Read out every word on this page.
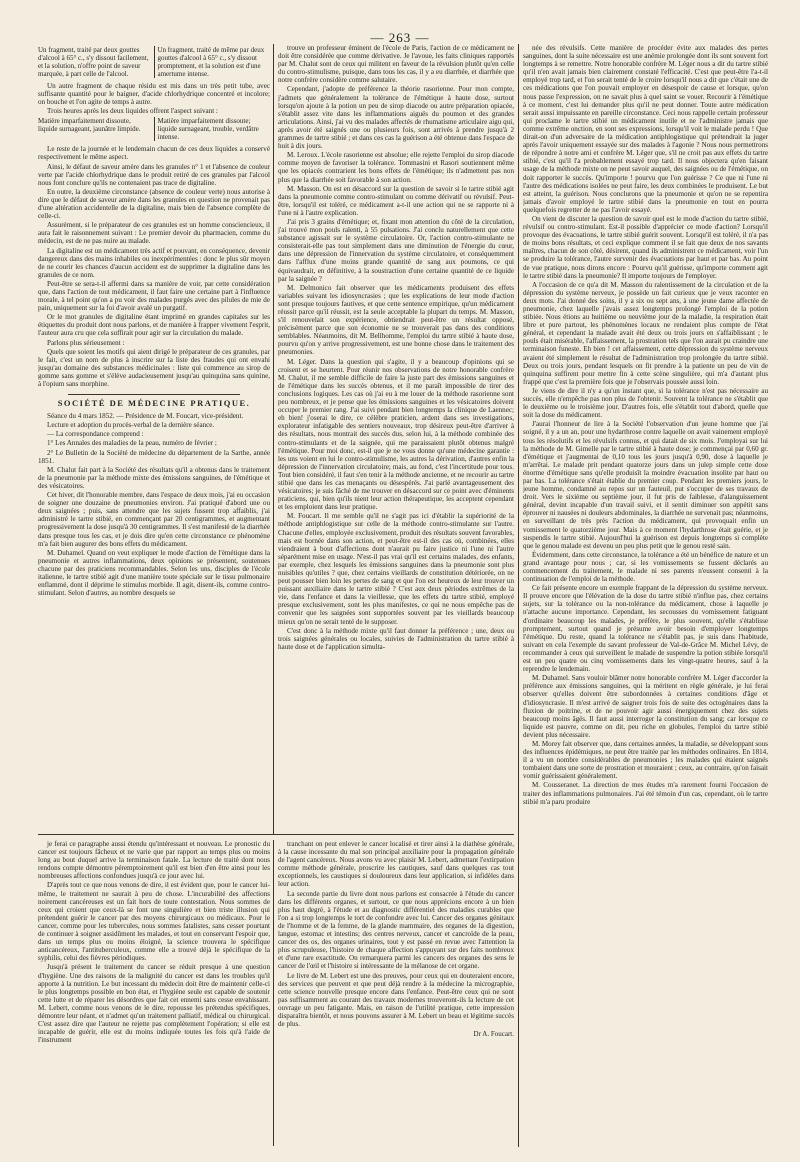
— 263 —
Un fragment, traité par deux gouttes d'alcool à 65° c., s'y dissout facilement, et la solution, n'offre point de saveur marquée, à part celle de l'alcool.
Un fragment, traité de même par deux gouttes d'alcool à 65° c., s'y dissout promptement, et la solution est d'une amertume intense.

Un autre fragment de chaque résidu est mis dans un très petit tube, avec suffisante quantité pour le baigner, d'acide chlorhydrique concentré et incolore; on bouche et l'on agite de temps à autre.

Trois heures après les deux liquides offrent l'aspect suivant :

Matière imparfaitement dissoute, liquide surnageant, jaunâtre limpide.
Matière imparfaitement dissoute; liquide surnageant, trouble, verdâtre intense.

Le reste de la journée et le lendemain chacun de ces deux liquides a conservé respectivement le même aspect.

Ainsi, le défaut de saveur amère dans les granules n° 1 et l'absence de couleur verte par l'acide chlorhydrique dans le produit retiré de ces granules par l'alcool nous font conclure qu'ils ne contenaient pas trace de digitaline.

En outre, la deuxième circonstance (absence de couleur verte) nous autorise à dire que le défaut de saveur amère dans les granules en question ne provenait pas d'une altération accidentelle de la digitaline, mais bien de l'absence complète de celle-ci.

Assurément, si le préparateur de ces granules est un homme consciencieux, il aura fait le raisonnement suivant : Le premier devoir du pharmacien, comme du médecin, est de ne pas nuire au malade.

La digitaline est un médicament très actif et pouvant, en conséquence, devenir dangereux dans des mains inhabiles ou inexpérimentées : donc le plus sûr moyen de ne courir les chances d'aucun accident est de supprimer la digitaline dans les granules de ce nom.

Peut-être se sera-t-il affermi dans sa manière de voir, par cette considération que, dans l'action de tout médicament, il faut faire une certaine part à l'influence morale, à tel point qu'on a pu voir des malades purgés avec des pilules de mie de pain, uniquement sur la foi d'avoir avalé un purgatif.

Or le mot granules de digitaline étant imprimé en grandes capitales sur les étiquettes du produit dont nous parlons, et de manière à frapper vivement l'esprit, l'auteur aura cru que cela suffirait pour agir sur la circulation du malade.

Parlons plus sérieusement :

Quels que soient les motifs qui aient dirigé le préparateur de ces granules, par le fait, c'est un nom de plus à inscrire sur la liste des fraudes qui ont envahi jusqu'au domaine des substances médicinales : liste qui commence au sirop de gomme sans gomme et s'élève audacieusement jusqu'au quinquina sans quinine, à l'opium sans morphine.

SOCIÉTÉ DE MÉDECINE PRATIQUE.

Séance du 4 mars 1852. — Présidence de M. Foucart, vice-président.

Lecture et adoption du procès-verbal de la dernière séance.

— La correspondance comprend :

1° Les Annales des maladies de la peau, numéro de février ;

2° Le Bulletin de la Société de médecine du département de la Sarthe, année 1851.

M. Chalut fait part à la Société des résultats qu'il a obtenus dans le traitement de la pneumonie par la méthode mixte des émissions sanguines, de l'émétique et des vésicatoires.

Cet hiver, dit l'honorable membre, dans l'espace de deux mois, j'ai eu occasion de soigner une douzaine de pneumonies environ. J'ai pratiqué d'abord une ou deux saignées ; puis, sans attendre que les sujets fussent trop affaiblis, j'ai administré le tartre stibié, en commençant par 20 centigrammes, et augmentant progressivement la dose jusqu'à 30 centigrammes. Il s'est manifesté de la diarrhée dans presque tous les cas, et je dois dire qu'en cette circonstance ce phénomène m'a fait bien augurer des bons effets du médicament.

M. Duhamel. Quand on veut expliquer le mode d'action de l'émétique dans la pneumonie et autres inflammations, deux opinions se présentent, soutenues chacune par des praticiens recommandables. Selon les uns, disciples de l'école italienne, le tartre stibié agit d'une manière toute spéciale sur le tissu pulmonaire enflammé, dont il déprime le stimulus morbide. Il agit, disent-ils, comme contro-stimulant. Selon d'autres, au nombre desquels se

trouve un professeur éminent de l'école de Paris, l'action de ce médicament ne doit être considérée que comme dérivative. Je l'avoue, les faits cliniques rapportés par M. Chalut sont de ceux qui militent en faveur de la révulsion plutôt qu'en celle du contro-stimulisme, puisque, dans tous les cas, il y a eu diarrhée, et diarrhée que notre confrère considère comme salutaire.

Cependant, j'adopte de préférence la théorie rasorienne. Pour mon compte, j'admets que généralement la tolérance de l'émétique à haute dose, surtout lorsqu'on ajoute à la potion un peu de sirop diacode ou autre préparation opiacée, s'établit assez vite dans les inflammations aiguës du poumon et des grandes articulations. Ainsi, j'ai vu des malades affectés de rhumatisme articulaire aigu qui, après avoir été saignés une ou plusieurs fois, sont arrivés à prendre jusqu'à 2 grammes de tartre stibié ; et dans ces cas la guérison a été obtenue dans l'espace de huit à dix jours.

M. Leroux. L'école rasorienne est absolue; elle rejette l'emploi du sirop diacode comme moyen de favoriser la tolérance. Tommasini et Rasori soutiennent même que les opiacés contrarient les bons effets de l'émétique; ils n'admettent pas non plus que la diarrhée soit favorable à son action.

M. Masson. On est en désaccord sur la question de savoir si le tartre stibié agit dans la pneumonie comme contro-stimulant ou comme dérivatif ou révulsif. Peut-être, lorsqu'il est toléré, ce médicament a-t-il une action qui ne se rapporte ni à l'une ni à l'autre explication.

J'ai pris 3 grains d'émétique; et, fixant mon attention du côté de la circulation, j'ai trouvé mon pouls ralenti, à 55 pulsations. J'ai conclu naturellement que cette substance agissait sur le système circulatoire. Or, l'action contro-stimulante ne consisterait-elle pas tout simplement dans une diminution de l'énergie du cœur, dans une dépression de l'innervation du système circulatoire, et conséquemment dans l'afflux d'une moins grande quantité de sang aux poumons, ce qui équivaudrait, en définitive, à la soustraction d'une certaine quantité de ce liquide par la saignée ?

M. Delmonico fait observer que les médicaments produisent des effets variables suivant les idiosyncrasies ; que les explications de leur mode d'action sont presque toujours fautives, et que cette sentence empirique, qu'un médicament réussit parce qu'il réussit, est la seule acceptable la plupart du temps. M. Masson, s'il renouvelait son expérience, obtiendrait peut-être un résultat opposé, précisément parce que son économie ne se trouverait pas dans des conditions semblables. Néanmoins, dit M. Bellhomme, l'emploi du tartre stibié à haute dose, pourvu qu'on y arrive progressivement, est une bonne chose dans le traitement des pneumonies.

M. Léger. Dans la question qui s'agite, il y a beaucoup d'opinions qui se croisent et se heurtent. Pour réunir nos observations de notre honorable confrère M. Chalut, il me semble difficile de faire la juste part des émissions sanguines et de l'émétique dans les succès obtenus, et il me paraît impossible de tirer des conclusions logiques. Les cas où j'ai eu à me louer de la méthode rasorienne sont peu nombreux, et je pense que les émissions sanguines et les vésicatoires doivent occuper le premier rang. J'ai suivi pendant bien longtemps la clinique de Laennec; eh bien! j'oserai le dire, ce célèbre praticien, ardent dans ses investigations, explorateur infatigable des sentiers nouveaux, trop désireux peut-être d'arriver à des résultats, nous montrait des succès dus, selon lui, à la méthode combinée des contro-stimulants et de la saignée, qui me paraissaient plutôt obtenus malgré l'émétique. Pour moi donc, est-il que je ne vous donne qu'une médecine garantie : les uns voient en lui le contro-stimulisme, les autres la dérivation, d'autres enfin la dépression de l'innervation circulatoire; mais, au fond, c'est l'incertitude pour tous. Tout bien considéré, il faut s'en tenir à la méthode ancienne, et ne recourir au tartre stibié que dans les cas menaçants ou désespérés. J'ai parlé avantageusement des vésicatoires; je suis fâché de me trouver en désaccord sur ce point avec d'éminents praticiens, qui, bien qu'ils nient leur action thérapeutique, les acceptent cependant et les emploient dans leur pratique.

M. Foucart. Il me semble qu'il ne s'agit pas ici d'établir la supériorité de la méthode antiphlogistique sur celle de la méthode contro-stimulante sur l'autre. Chacune d'elles, employée exclusivement, produit des résultats souvent favorables, mais est bornée dans son action, et peut-être est-il des cas où, combinées, elles viendraient à bout d'affections dont n'aurait pu faire justice ni l'une ni l'autre séparément mise en usage. N'est-il pas vrai qu'il est certains malades, des enfants, par exemple, chez lesquels les émissions sanguines dans la pneumonie sont plus nuisibles qu'utiles ? que, chez certains vieillards de constitution détériorée, on ne peut pousser bien loin les pertes de sang et que l'on est heureux de leur trouver un puissant auxiliaire dans le tartre stibié ? C'est aux deux périodes extrêmes de la vie, dans l'enfance et dans la vieillesse, que les effets du tartre stibié, employé presque exclusivement, sont les plus manifestes, ce qui ne nous empêche pas de convenir que les saignées sont supportées souvent par les vieillards beaucoup mieux qu'on ne serait tenté de le supposer.

C'est donc à la méthode mixte qu'il faut donner la préférence ; une, deux ou trois saignées générales ou locales, suivies de l'administration du tartre stibié à haute dose et de l'application simulta-

née des révulsifs. Cette manière de procéder évite aux malades des pertes sanguines, dont la suite nécessaire est une anémie prolongée dont ils sont souvent fort longtemps à se remettre. Notre honorable confrère M. Léger nous a dit du tartre stibié qu'il n'en avait jamais bien clairement constaté l'efficacité. C'est que peut-être l'a-t-il employé trop tard, et l'on serait tenté de le croire lorsqu'il nous a dit que c'était une de ces médications que l'on pouvait employer en désespoir de cause et lorsque, qu'on nous passe l'expression, on ne savait plus à quel saint se vouer. Recourir à l'émétique à ce moment, c'est lui demander plus qu'il ne peut donner. Toute autre médication serait aussi impuissante en pareille circonstance. Ceci nous rappelle certain professeur qui proclame le tartre stibié un médicament inutile et ne l'administre jamais que comme extrême onction, en sont ses expressions, lorsqu'il voit le malade perdu ! Que dirait-on d'un adversaire de la médication antiphlogistique qui prétendrait la juger après l'avoir uniquement essayée sur des malades à l'agonie ? Nous nous permettrons de répondre à notre ami et confrère M. Léger que, s'il ne croit pas aux effets du tartre stibié, c'est qu'il l'a probablement essayé trop tard. Il nous objectera qu'en faisant usage de la méthode mixte on ne peut savoir auquel, des saignées ou de l'émétique, on doit rapporter le succès. Qu'importe ! pourvu que l'on guérisse ? Ce que ni l'une ni l'autre des médications isolées ne peut faire, les deux combinées le produisent. Le but est atteint, la guérison. Nous conclurons que la pneumonie et qu'on ne se repentira jamais d'avoir employé le tartre stibié dans la pneumonie en tout en pourra quelquefois regretter de ne pas l'avoir essayé.

On vient de discuter la question de savoir quel est le mode d'action du tartre stibié, révulsif ou contro-stimulant. Est-il possible d'apprécier ce mode d'action? Lorsqu'il provoque des évacuations, le tartre stibié guérit souvent. Lorsqu'il est toléré, il n'a pas de moins bons résultats, et ceci explique comment il se fait que deux de nos savants maîtres, chacun de son côté, désirent, quand ils administrent ce médicament, voir l'un se produire la tolérance, l'autre survenir des évacuations par haut et par bas. Au point de vue pratique, nous dirons encore : Pourvu qu'il guérisse, qu'importe comment agit le tartre stibié dans la pneumonie? Il importe toujours de l'employer.

A l'occasion de ce qu'a dit M. Masson du ralentissement de la circulation et de la dépression du système nerveux, je possède un fait curieux que je veux raconter en deux mots. J'ai donné des soins, il y a six ou sept ans, à une jeune dame affectée de pneumonie, chez laquelle j'avais assez longtemps prolongé l'emploi de la potion stibiée. Nous étions au huitième ou neuvième jour de la maladie, la respiration était libre et pure partout, les phénomènes locaux ne rendaient plus compte de l'état général, et cependant la malade avait été deux ou trois jours en s'affaiblissant ; le pouls était misérable, l'affaissement, la prostration tels que l'on aurait pu craindre une terminaison funeste. Eh bien ! cet affaissement, cette dépression du système nerveux avaient été simplement le résultat de l'administration trop prolongée du tartre stibié. Deux ou trois jours, pendant lesquels on fit prendre à la patiente un peu de vin de quinquina suffirent pour mettre fin à cette scène singulière, qui m'a d'autant plus frappé que c'est la première fois que je l'observais poussée aussi loin.

Je viens de dire il n'y a qu'un instant que, si la tolérance n'est pas nécessaire au succès, elle n'empêche pas non plus de l'obtenir. Souvent la tolérance ne s'établit que le deuxième ou le troisième jour. D'autres fois, elle s'établit tout d'abord, quelle que soit la dose du médicament.

J'aurai l'honneur de lire à la Société l'observation d'un jeune homme que j'ai soigné, il y a un an, pour une hydarthrose contre laquelle on avait vainement employé tous les résolutifs et les révulsifs connus, et qui datait de six mois. J'employai sur lui la méthode de M. Gimelle par le tartre stibié à haute dose; je commençai par 0,60 gr. d'émétique et j'augmentai de 0,10 tous les jours jusqu'à 0,90, dose à laquelle je m'arrêtai. Le malade prit pendant quatorze jours dans un julep simple cette dose énorme d'émétique sans qu'elle produisît la moindre évacuation insolite par haut ou par bas. La tolérance s'était établie du premier coup. Pendant les premiers jours, le jeune homme, condamné au repos sur un fauteuil, put s'occuper de ses travaux de droit. Vers le sixième ou septième jour, il fut pris de faiblesse, d'alanguissement général, devint incapable d'un travail suivi, et il sentit diminuer son appétit sans éprouver ni nausées ni douleurs abdominales, la diarrhée ne survenait pas; néanmoins, en surveillant de très près l'action du médicament, qui provoquait enfin un vomissement le quatorzième jour. Mais à ce moment l'hydarthrose était guérie, et je suspendis le tartre stibié. Aujourd'hui la guérison est depuis longtemps si complète que le genou malade est devenu un peu plus petit que le genou resté sain.

Évidemment, dans cette circonstance, la tolérance a été un bénéfice de nature et un grand avantage pour nous ; car, si les vomissements se fussent déclarés au commencement du traitement, le malade ni ses parents n'eussent consenti à la continuation de l'emploi de la méthode.

Ce fait présente encore un exemple frappant de la dépression du système nerveux. Il prouve encore que l'élévation de la dose du tartre stibié n'influe pas, chez certains sujets, sur la tolérance ou la non-tolérance du médicament, chose à laquelle je n'attache aucune importance. Cependant, les secousses du vomissement fatiguant d'ordinaire beaucoup les malades, je préfère, le plus souvent, qu'elle s'établisse promptement, surtout quand je présume avoir besoin d'employer longtemps l'émétique. Du reste, quand la tolérance ne s'établit pas, je suis dans l'habitude, suivant en cela l'exemple du savant professeur de Val-de-Grâce M. Michel Lévy, de recommander à ceux qui surveillent le malade de suspendre la potion stibiée lorsqu'il est un peu quatre ou cinq vomissements dans les vingt-quatre heures, sauf à la reprendre le lendemain.

M. Duhamel. Sans vouloir blâmer notre honorable confrère M. Léger d'accorder la préférence aux émissions sanguines, qui la méritent en règle générale, je lui ferai observer qu'elles doivent être subordonnées à certaines conditions d'âge et d'idiosyncrasie. Il m'est arrivé de saigner trois fois de suite des octogénaires dans la fluxion de poitrine, et de ne pouvoir agir aussi énergiquement chez des sujets beaucoup moins âgés. Il faut aussi interroger la constitution du sang; car lorsque ce liquide est pauvre, comme on dit, peu riche en globules, l'emploi du tartre stibié devient plus nécessaire.

M. Morey fait observer que, dans certaines années, la maladie, se développant sous des influences épidémiques, ne peut être traitée par les méthodes ordinaires. En 1814, il a vu un nombre considérables de pneumonies ; les malades qui étaient saignés tombaient dans une sorte de prostration et mouraient ; ceux, au contraire, qu'on faisait vomir guérissaient généralement.

M. Cousseranet. La direction de mes études m'a rarement fourni l'occasion de traiter des inflammations pulmonaires. J'ai été témoin d'un cas, cependant, où le tartre stibié m'a paru produire

je ferai ce paragraphe aussi étendu qu'intéressant et nouveau. Le pronostic du cancer est toujours fâcheux et ne varie que par rapport au temps plus ou moins long au bout duquel arrive la terminaison fatale. La lecture de traité dont nous rendons compte démontre péremptoirement qu'il est bien d'en être ainsi pour les nombreuses affections confondues jusqu'à ce jour avec lui.

D'après tout ce que nous venons de dire, il est évident que, pour le cancer lui-même, le traitement ne saurait à peu de chose. L'incurabilité des affections noirement cancéreuses est un fait hors de toute contestation. Nous sommes de ceux qui croient que ceux-là se font une singulière et bien triste illusion qui prétendent guérir le cancer par des moyens chirurgicaux ou médicaux. Pour le cancer, comme pour les tubercules, nous sommes fatalistes, sans cesser pourtant de continuer à soigner assidûment les malades, et tout en conservant l'espoir que, dans un temps plus ou moins éloigné, la science trouvera le spécifique anticancéreux, l'antituberculeux, comme elle a trouvé déjà le spécifique de la syphilis, celui des fièvres périodiques.

Jusqu'à présent le traitement du cancer se réduit presque à une question d'hygiène. Une des raisons de la malignité du cancer est dans les troubles qu'il apporte à la nutrition. Le but incessant du médecin doit être de maintenir celle-ci le plus longtemps possible en bon état, et l'hygiène seule est capable de soutenir cette lutte et de réparer les désordres que fait cet ennemi sans cesse envahissant. M. Lebert, comme nous venons de le dire, repousse les prétendus spécifiques, démontre leur néant, et n'admet qu'un traitement palliatif, médical ou chirurgical. C'est assez dire que l'auteur ne rejette pas complètement l'opération; si elle est incapable de guérir, elle est du moins indiquée toutes les fois qu'à l'aide de l'instrument

tranchant on peut enlever le cancer localisé et tirer ainsi à la diathèse générale, à la cause incessante du mal son principal auxiliaire pour la propagation générale de l'agent cancéreux. Nous avons vu avec plaisir M. Lebert, admettant l'extirpation comme méthode générale, proscrire les cautiques, sauf dans quelques cas tout exceptionnels, les caustiques si douloureux dans leur application, si infidèles dans leur action.

La seconde partie du livre dont nous parlons est consacrée à l'étude du cancer dans les différents organes, et surtout, ce que nous apprécions encore à un bien plus haut degré, à l'étude et au diagnostic différentiel des maladies curables que l'on a si trop longtemps le tort de confondre avec lui. Cancer des organes génitaux de l'homme et de la femme, de la glande mammaire, des organes de la digestion, langue, estomac et intestins; des centres nerveux, cancer et cancroïde de la peau, cancer des os, des organes urinaires, tout y est passé en revue avec l'attention la plus scrupuleuse, l'histoire de chaque affection s'appuyant sur des faits nombreux et d'une rare exactitude. On remarquera parmi les cancers des organes des sens le cancer de l'œil et l'histoire si intéressante de la mélanose de cet organe.

Le livre de M. Lebert est une des preuves, pour ceux qui en douteraient encore, des services que peuvent et que peut déjà rendre à la médecine la micrographie, cette science nouvelle presque encore dans l'enfance. Peut-être ceux qui ne sont pas suffisamment au courant des travaux modernes trouveront-ils la lecture de cet ouvrage un peu fatigante. Mais, en raison de l'utilité pratique, cette impression disparaîtra bientôt, et nous pouvons assurer à M. Lebert un beau et légitime succès de plus.

Dr A. Foucart.
